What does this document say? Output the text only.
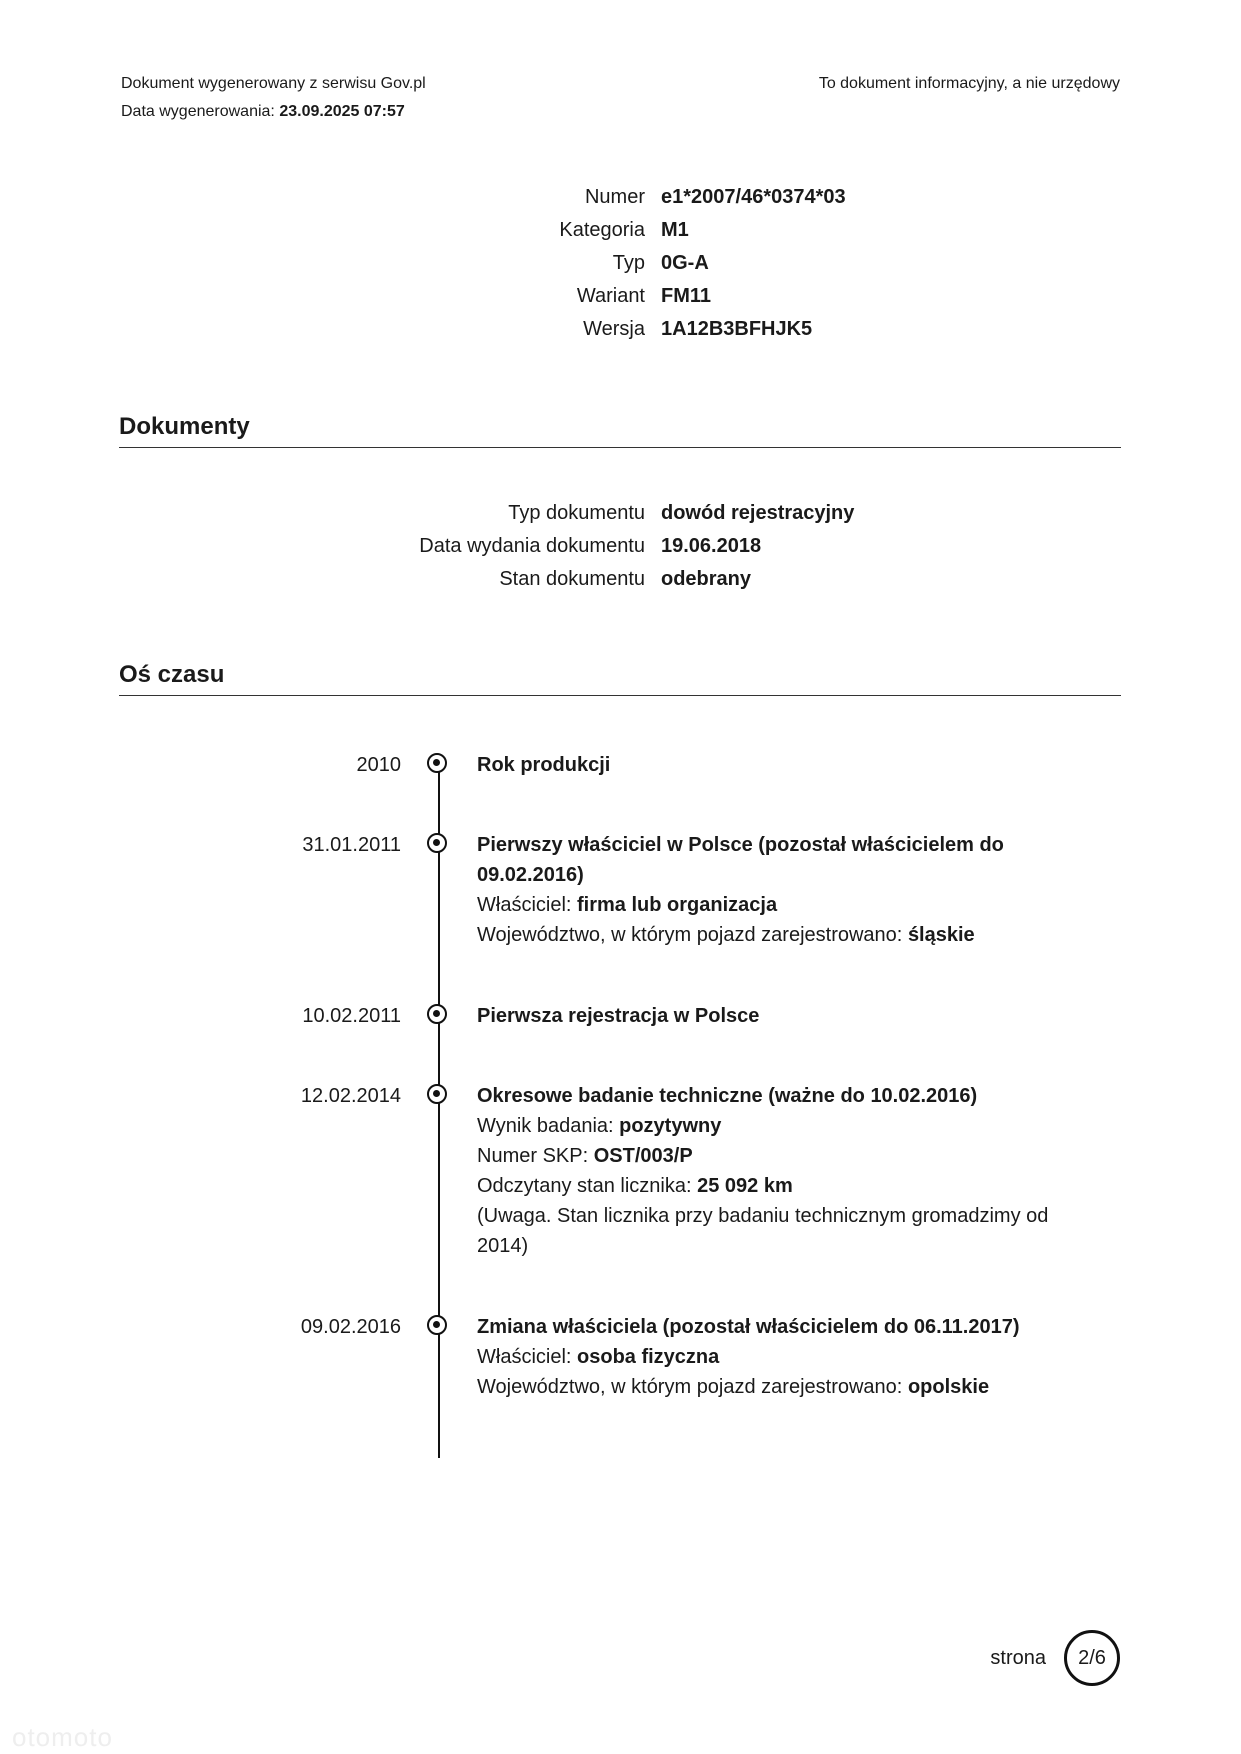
Dokument wygenerowany z serwisu Gov.pl
Data wygenerowania: 23.09.2025 07:57
To dokument informacyjny, a nie urzędowy
Numer e1*2007/46*0374*03
Kategoria M1
Typ 0G-A
Wariant FM11
Wersja 1A12B3BFHJK5
Dokumenty
Typ dokumentu dowód rejestracyjny
Data wydania dokumentu 19.06.2018
Stan dokumentu odebrany
Oś czasu
2010	Rok produkcji
31.01.2011	Pierwszy właściciel w Polsce (pozostał właścicielem do 09.02.2016)
Właściciel: firma lub organizacja
Województwo, w którym pojazd zarejestrowano: śląskie
10.02.2011	Pierwsza rejestracja w Polsce
12.02.2014	Okresowe badanie techniczne (ważne do 10.02.2016)
Wynik badania: pozytywny
Numer SKP: OST/003/P
Odczytany stan licznika: 25 092 km
(Uwaga. Stan licznika przy badaniu technicznym gromadzimy od 2014)
09.02.2016	Zmiana właściciela (pozostał właścicielem do 06.11.2017)
Właściciel: osoba fizyczna
Województwo, w którym pojazd zarejestrowano: opolskie
strona 2/6
otomoto
